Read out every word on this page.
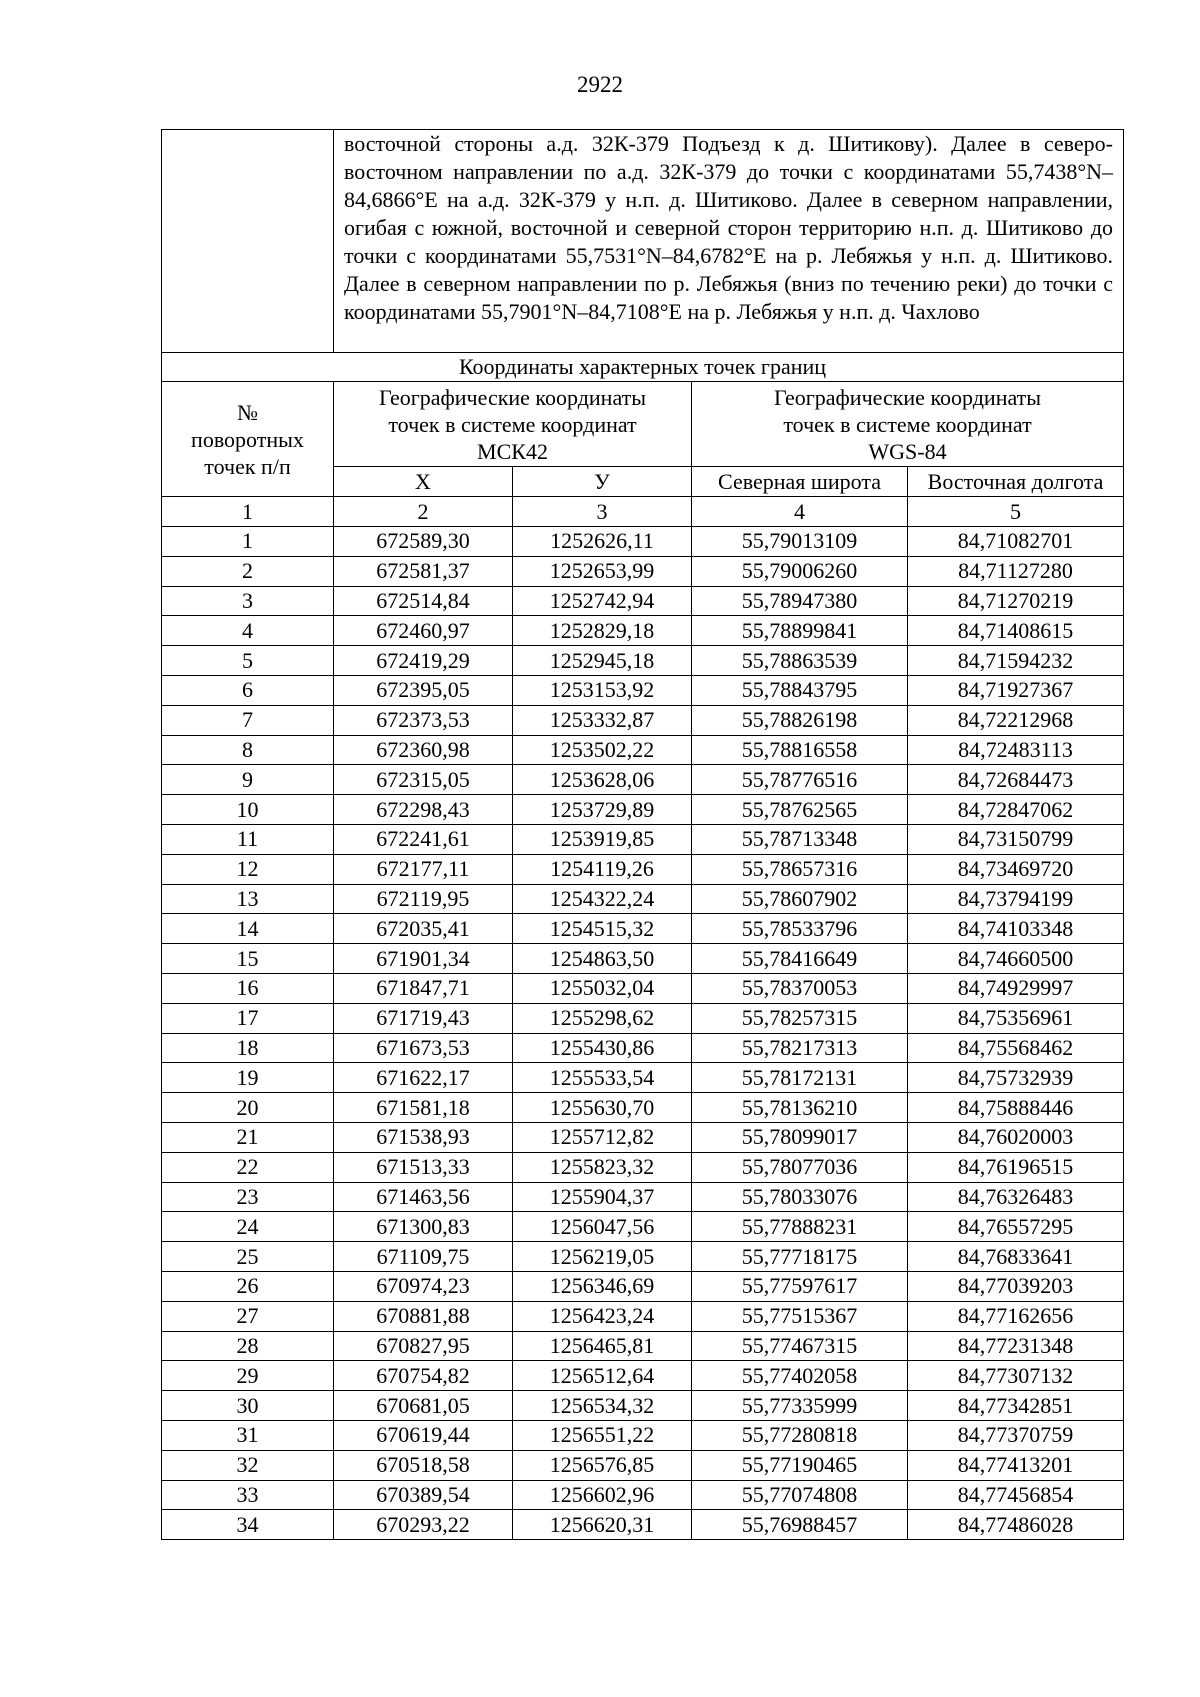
2922
	восточной стороны а.д. 32К-379 Подъезд к д. Шитикову). Далее в северо-восточном направлении по а.д. 32К-379 до точки с координатами 55,7438°N–84,6866°E на а.д. 32К-379 у н.п. д. Шитиково. Далее в северном направлении, огибая с южной, восточной и северной сторон территорию н.п. д. Шитиково до точки с координатами 55,7531°N–84,6782°E на р. Лебяжья у н.п. д. Шитиково. Далее в северном направлении по р. Лебяжья (вниз по течению реки) до точки с координатами 55,7901°N–84,7108°E на р. Лебяжья у н.п. д. Чахлово			
Координаты характерных точек границ				
№ поворотных точек п/п	Географические координаты точек в системе координат МСК42		Географические координаты точек в системе координат WGS-84	
	X	У	Северная широта	Восточная долгота
1	2	3	4	5
1	672589,30	1252626,11	55,79013109	84,71082701
2	672581,37	1252653,99	55,79006260	84,71127280
3	672514,84	1252742,94	55,78947380	84,71270219
4	672460,97	1252829,18	55,78899841	84,71408615
5	672419,29	1252945,18	55,78863539	84,71594232
6	672395,05	1253153,92	55,78843795	84,71927367
7	672373,53	1253332,87	55,78826198	84,72212968
8	672360,98	1253502,22	55,78816558	84,72483113
9	672315,05	1253628,06	55,78776516	84,72684473
10	672298,43	1253729,89	55,78762565	84,72847062
11	672241,61	1253919,85	55,78713348	84,73150799
12	672177,11	1254119,26	55,78657316	84,73469720
13	672119,95	1254322,24	55,78607902	84,73794199
14	672035,41	1254515,32	55,78533796	84,74103348
15	671901,34	1254863,50	55,78416649	84,74660500
16	671847,71	1255032,04	55,78370053	84,74929997
17	671719,43	1255298,62	55,78257315	84,75356961
18	671673,53	1255430,86	55,78217313	84,75568462
19	671622,17	1255533,54	55,78172131	84,75732939
20	671581,18	1255630,70	55,78136210	84,75888446
21	671538,93	1255712,82	55,78099017	84,76020003
22	671513,33	1255823,32	55,78077036	84,76196515
23	671463,56	1255904,37	55,78033076	84,76326483
24	671300,83	1256047,56	55,77888231	84,76557295
25	671109,75	1256219,05	55,77718175	84,76833641
26	670974,23	1256346,69	55,77597617	84,77039203
27	670881,88	1256423,24	55,77515367	84,77162656
28	670827,95	1256465,81	55,77467315	84,77231348
29	670754,82	1256512,64	55,77402058	84,77307132
30	670681,05	1256534,32	55,77335999	84,77342851
31	670619,44	1256551,22	55,77280818	84,77370759
32	670518,58	1256576,85	55,77190465	84,77413201
33	670389,54	1256602,96	55,77074808	84,77456854
34	670293,22	1256620,31	55,76988457	84,77486028
